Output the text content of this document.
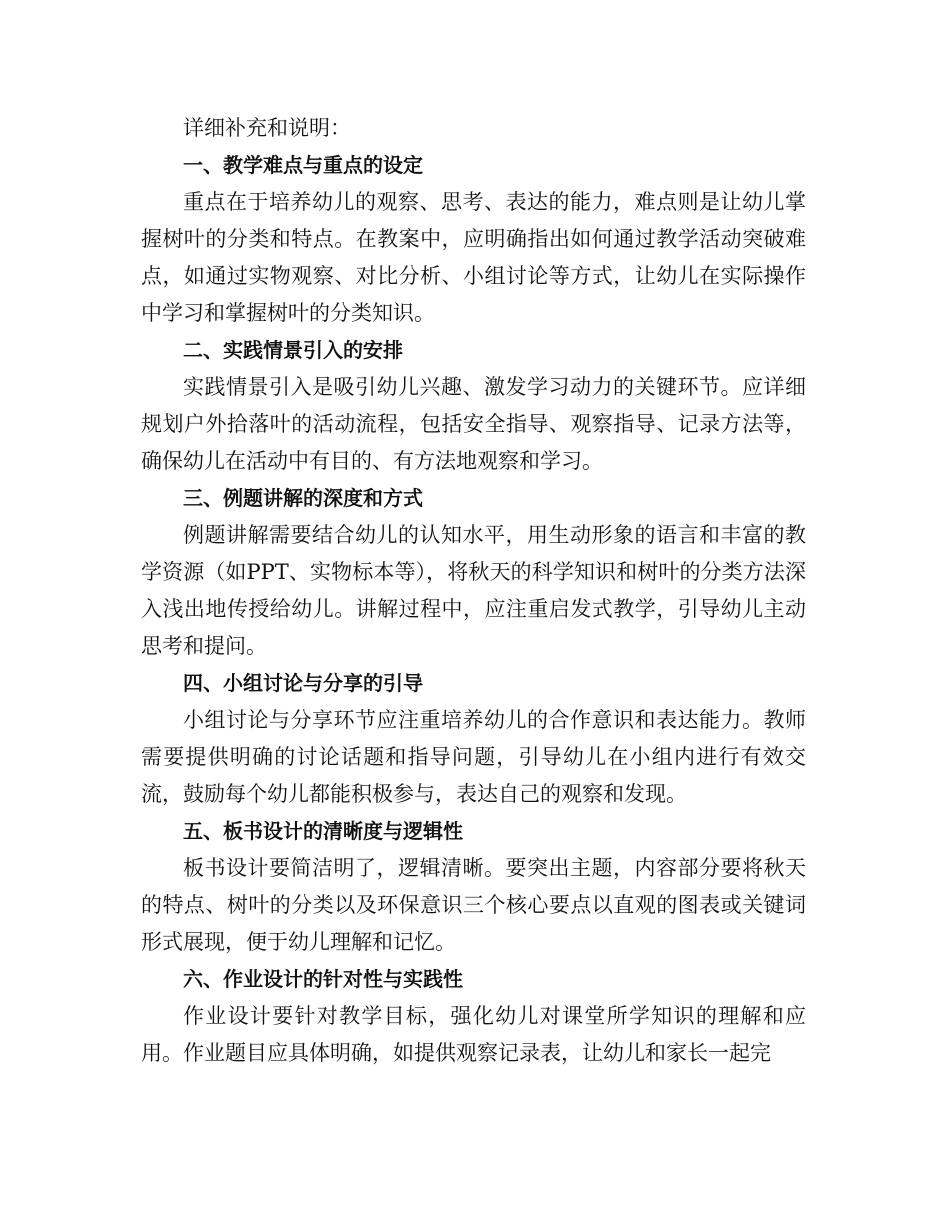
详细补充和说明：

一、教学难点与重点的设定

重点在于培养幼儿的观察、思考、表达的能力，难点则是让幼儿掌握树叶的分类和特点。在教案中，应明确指出如何通过教学活动突破难点，如通过实物观察、对比分析、小组讨论等方式，让幼儿在实际操作中学习和掌握树叶的分类知识。

二、实践情景引入的安排

实践情景引入是吸引幼儿兴趣、激发学习动力的关键环节。应详细规划户外拾落叶的活动流程，包括安全指导、观察指导、记录方法等，确保幼儿在活动中有目的、有方法地观察和学习。

三、例题讲解的深度和方式

例题讲解需要结合幼儿的认知水平，用生动形象的语言和丰富的教学资源（如PPT、实物标本等），将秋天的科学知识和树叶的分类方法深入浅出地传授给幼儿。讲解过程中，应注重启发式教学，引导幼儿主动思考和提问。

四、小组讨论与分享的引导

小组讨论与分享环节应注重培养幼儿的合作意识和表达能力。教师需要提供明确的讨论话题和指导问题，引导幼儿在小组内进行有效交流，鼓励每个幼儿都能积极参与，表达自己的观察和发现。

五、板书设计的清晰度与逻辑性

板书设计要简洁明了，逻辑清晰。要突出主题，内容部分要将秋天的特点、树叶的分类以及环保意识三个核心要点以直观的图表或关键词形式展现，便于幼儿理解和记忆。

六、作业设计的针对性与实践性

作业设计要针对教学目标，强化幼儿对课堂所学知识的理解和应用。作业题目应具体明确，如提供观察记录表，让幼儿和家长一起完
